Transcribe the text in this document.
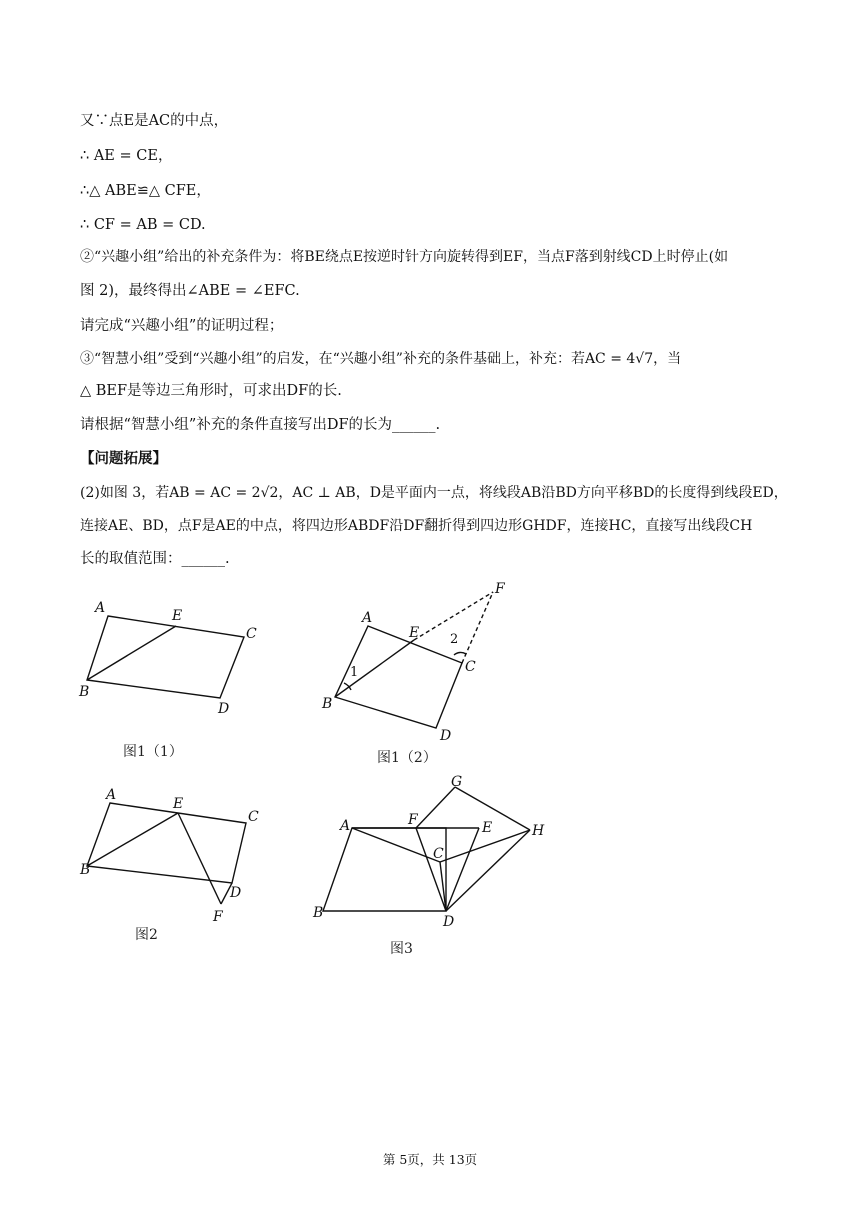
又∵点E是AC的中点，
∴ AE = CE，
∴△ ABE≌△ CFE，
∴ CF = AB = CD.
②“兴趣小组”给出的补充条件为：将BE绕点E按逆时针方向旋转得到EF，当点F落到射线CD上时停止(如
图 2)，最终得出∠ABE = ∠EFC.
请完成“兴趣小组”的证明过程；
③“智慧小组”受到“兴趣小组”的启发，在“兴趣小组”补充的条件基础上，补充：若AC = 4√7，当
△ BEF是等边三角形时，可求出DF的长.
请根据“智慧小组”补充的条件直接写出DF的长为______.
【问题拓展】
(2)如图 3，若AB = AC = 2√2，AC ⊥ AB，D是平面内一点，将线段AB沿BD方向平移BD的长度得到线段ED，
连接AE、BD，点F是AE的中点，将四边形ABDF沿DF翻折得到四边形GHDF，连接HC，直接写出线段CH
长的取值范围：______.
A	E
C
B
D
F
A
E 2
C
1
B
D
A
E
C
B
D
F
G
A	F	E	H
C
B
D
图1（1）	图1（2）
图2
图3
第 5页，共 13页
